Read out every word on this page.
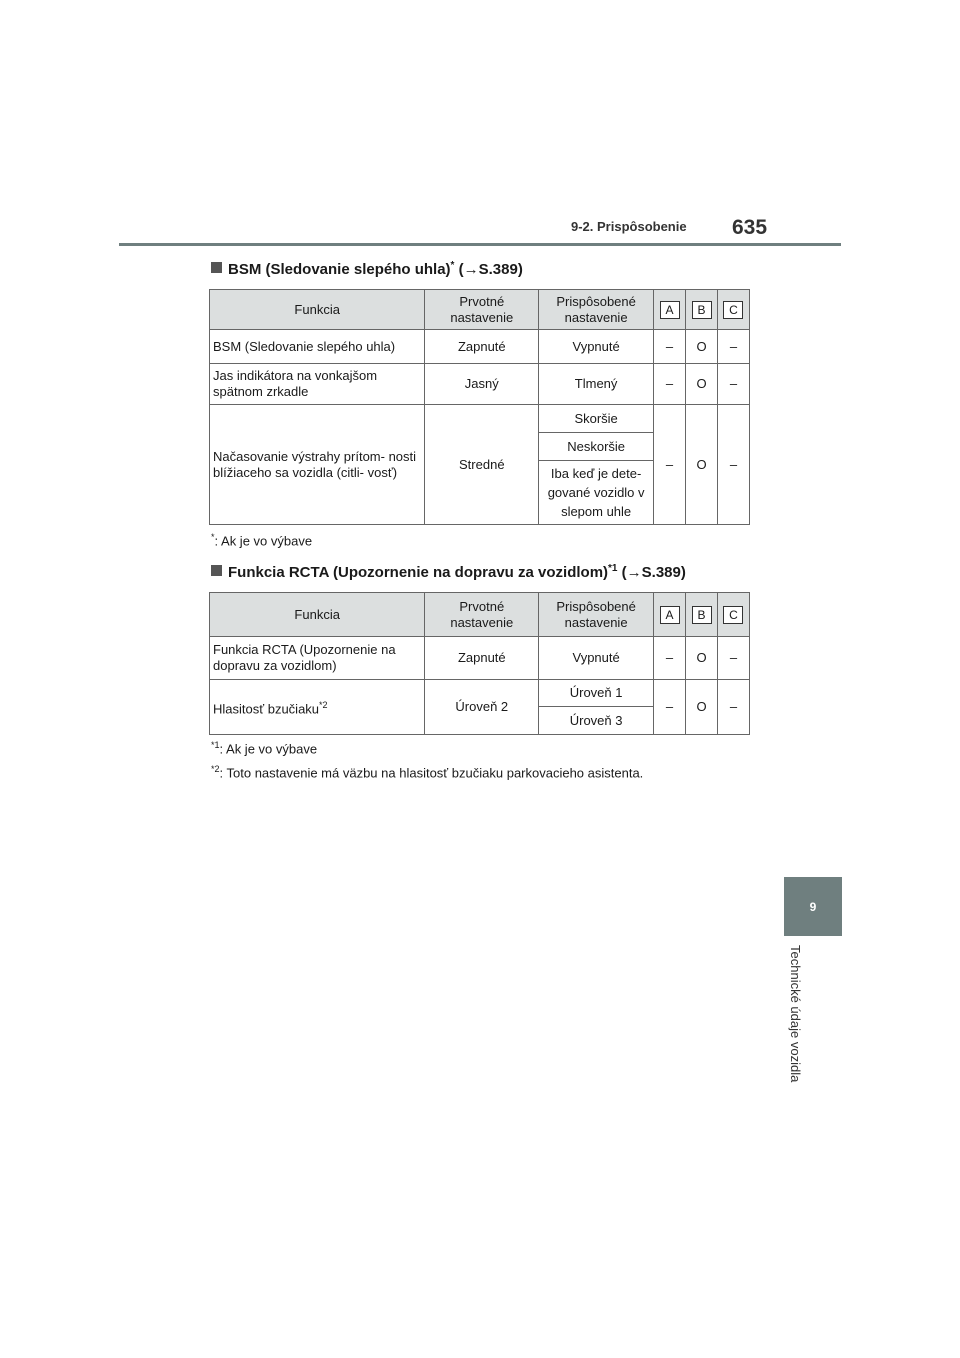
9-2. Prispôsobenie 635
9
Technické údaje vozidla
BSM (Sledovanie slepého uhla)* (→S.389)
Funkcia	Prvotné nastavenie	Prispôsobené nastavenie	A	B	C
BSM (Sledovanie slepého uhla)	Zapnuté	Vypnuté	–	O	–
Jas indikátora na vonkajšom spätnom zrkadle	Jasný	Tlmený	–	O	–
Načasovanie výstrahy prítom- nosti blížiaceho sa vozidla (citli- vosť)	Stredné	Skoršie	–	O	–
		Neskoršie			
		Iba keď je dete- gované vozidlo v slepom uhle			
*: Ak je vo výbave
Funkcia RCTA (Upozornenie na dopravu za vozidlom)$^{*1}$ (→S.389)
Funkcia	Prvotné nastavenie	Prispôsobené nastavenie	A	B	C
Funkcia RCTA (Upozornenie na dopravu za vozidlom)	Zapnuté	Vypnuté	–	O	–
Hlasitosť bzučiaku$^{*2}$	Úroveň 2	Úroveň 1	–	O	–
		Úroveň 3			
$^{*1}$: Ak je vo výbave
$^{*2}$: Toto nastavenie má väzbu na hlasitosť bzučiaku parkovacieho asistenta.
